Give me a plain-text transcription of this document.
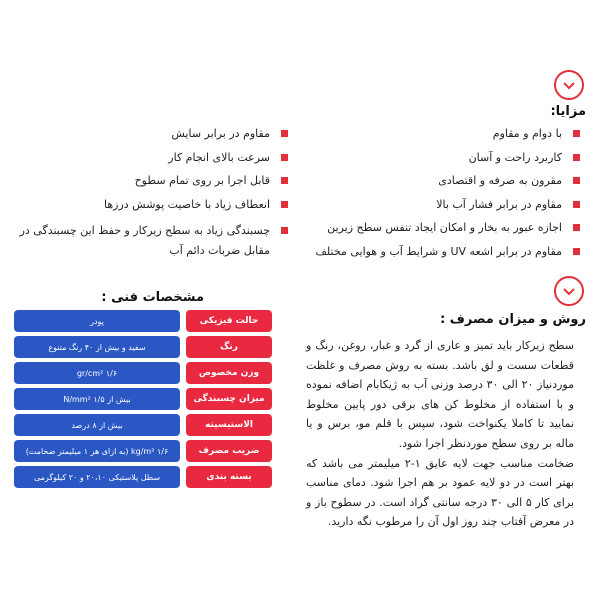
مزایا:
با دوام و مقاوم
کاربرد راحت و آسان
مقرون به صرفه و اقتصادی
مقاوم در برابر فشار آب بالا
اجازه عبور به بخار و امکان ایجاد تنفس سطح زیرین
مقاوم در برابر اشعه UV و شرایط آب و هوایی مختلف
مقاوم در برابر سایش
سرعت بالای انجام کار
قابل اجرا بر روی تمام سطوح
انعطاف زیاد با خاصیت پوشش درزها
چسبندگی زیاد به سطح زیرکار و حفظ این چسبندگی در مقابل ضربات دائم آب
روش و میزان مصرف :

سطح زیرکار باید تمیز و عاری از گرد و غبار، روغن، رنگ و قطعات سست و لق باشد. بسته به روش مصرف و غلظت موردنیاز ۲۰ الی ۳۰ درصد وزنی آب به ژیکابام اضافه نموده و با استفاده از مخلوط کن های برقی دور پایین مخلوط نمایید تا کاملا یکنواخت شود، سپس با قلم مو، برس و یا ماله بر روی سطح موردنظر اجرا شود.

ضخامت مناسب جهت لایه عایق ۱-۲ میلیمتر می باشد که بهتر است در دو لایه عمود بر هم اجرا شود. دمای مناسب برای کار ۵ الی ۳۰ درجه سانتی گراد است. در سطوح باز و در معرض آفتاب چند روز اول آن را مرطوب نگه دارید.

مشخصات فنی :
حالت فیزیکی
پودر
رنگ
سفید و بیش از ۴۰ رنگ متنوع
وزن مخصوص
۱/۶ gr/cm²
میزان چسبندگی
بیش از ۱/۵ N/mm²
الاستیسیته
بیش از ۸ درصد
ضریب مصرف
۱/۶ kg/m² (به ازای هر ۱ میلیمتر ضخامت)
بسته بندی
سطل پلاستیکی ۲۰،۱۰ و ۲۰ کیلوگرمی
